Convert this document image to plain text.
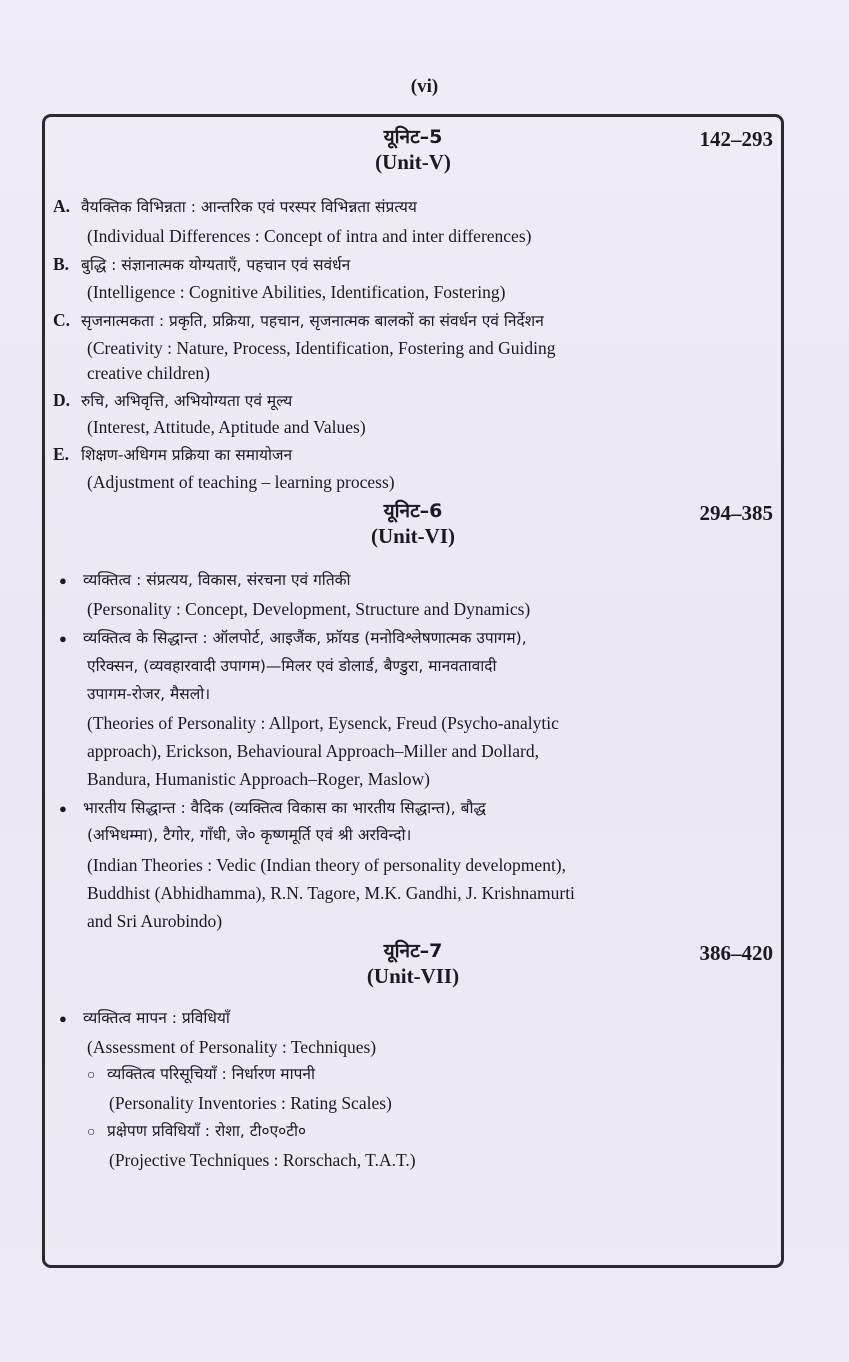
(vi)
यूनिट–5
(Unit-V)
142–293
A. वैयक्तिक विभिन्नता : आन्तरिक एवं परस्पर विभिन्नता संप्रत्यय
(Individual Differences : Concept of intra and inter differences)
B. बुद्धि : संज्ञानात्मक योग्यताएँ, पहचान एवं सवंर्धन
(Intelligence : Cognitive Abilities, Identification, Fostering)
C. सृजनात्मकता : प्रकृति, प्रक्रिया, पहचान, सृजनात्मक बालकों का संवर्धन एवं निर्देशन
(Creativity : Nature, Process, Identification, Fostering and Guiding
creative children)
D. रुचि, अभिवृत्ति, अभियोग्यता एवं मूल्य
(Interest, Attitude, Aptitude and Values)
E. शिक्षण-अधिगम प्रक्रिया का समायोजन
(Adjustment of teaching – learning process)
यूनिट–6
(Unit-VI)
294–385
● व्यक्तित्व : संप्रत्यय, विकास, संरचना एवं गतिकी
(Personality : Concept, Development, Structure and Dynamics)
● व्यक्तित्व के सिद्धान्त : ऑलपोर्ट, आइजैंक, फ्रॉयड (मनोविश्लेषणात्मक उपागम),
एरिक्सन, (व्यवहारवादी उपागम)—मिलर एवं डोलार्ड, बैण्डुरा, मानवतावादी
उपागम-रोजर, मैसलो।
(Theories of Personality : Allport, Eysenck, Freud (Psycho-analytic
approach), Erickson, Behavioural Approach–Miller and Dollard,
Bandura, Humanistic Approach–Roger, Maslow)
● भारतीय सिद्धान्त : वैदिक (व्यक्तित्व विकास का भारतीय सिद्धान्त), बौद्ध
(अभिधम्मा), टैगोर, गाँधी, जे० कृष्णमूर्ति एवं श्री अरविन्दो।
(Indian Theories : Vedic (Indian theory of personality development),
Buddhist (Abhidhamma), R.N. Tagore, M.K. Gandhi, J. Krishnamurti
and Sri Aurobindo)
यूनिट–7
(Unit-VII)
386–420
● व्यक्तित्व मापन : प्रविधियाँ
(Assessment of Personality : Techniques)
○ व्यक्तित्व परिसूचियाँ : निर्धारण मापनी
(Personality Inventories : Rating Scales)
○ प्रक्षेपण प्रविधियाँ : रोशा, टी०ए०टी०
(Projective Techniques : Rorschach, T.A.T.)
